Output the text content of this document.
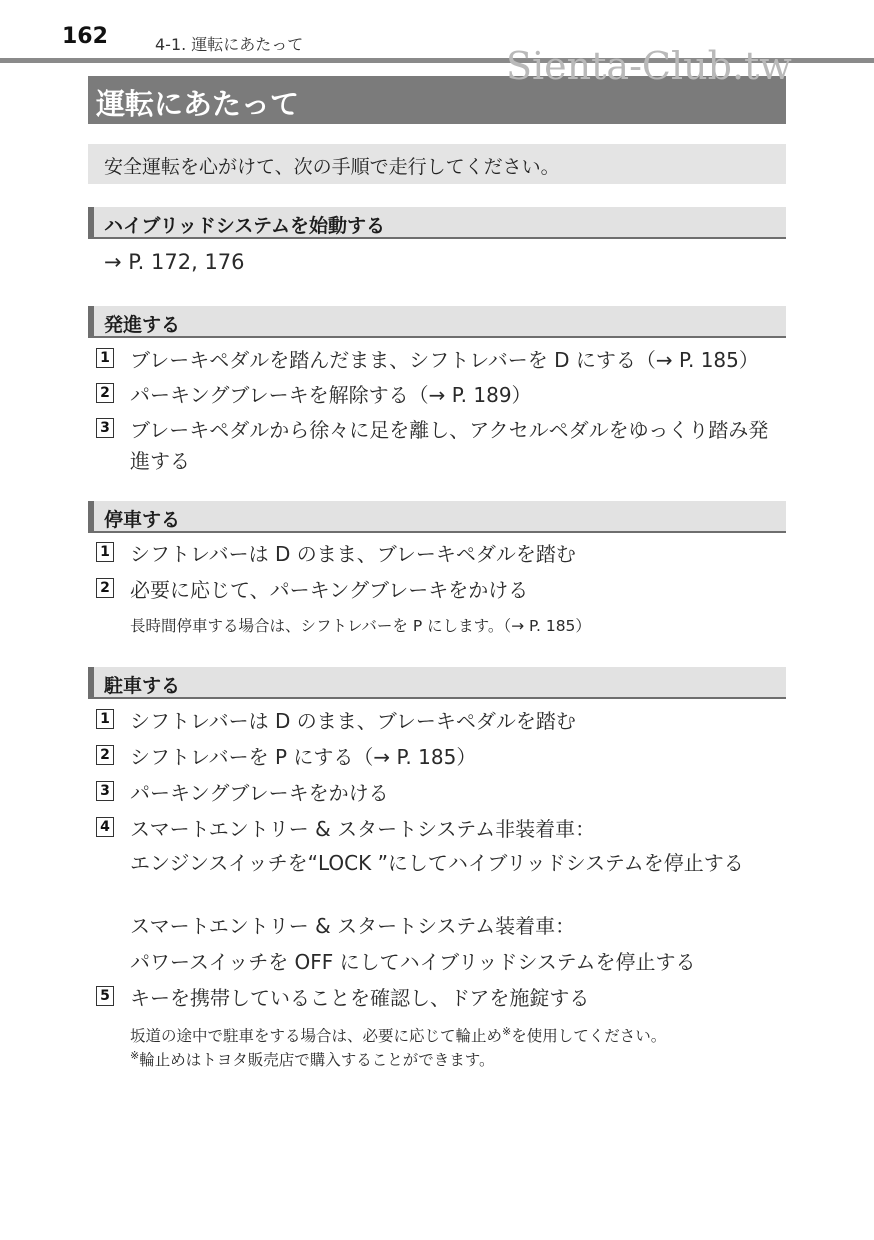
162	4-1. 運転にあたって
運転にあたって
Sienta-Club.tw
安全運転を心がけて、次の手順で走行してください。
ハイブリッドシステムを始動する
→ P. 172, 176
発進する
1 ブレーキペダルを踏んだまま、シフトレバーを D にする（→ P. 185）
2 パーキングブレーキを解除する（→ P. 189）
3 ブレーキペダルから徐々に足を離し、アクセルペダルをゆっくり踏み発進する
停車する
1 シフトレバーは D のまま、ブレーキペダルを踏む
2 必要に応じて、パーキングブレーキをかける
長時間停車する場合は、シフトレバーを P にします。（→ P. 185）
駐車する
1 シフトレバーは D のまま、ブレーキペダルを踏む
2 シフトレバーを P にする（→ P. 185）
3 パーキングブレーキをかける
4 スマートエントリー & スタートシステム非装着車：
エンジンスイッチを“LOCK ”にしてハイブリッドシステムを停止する
スマートエントリー & スタートシステム装着車：
パワースイッチを OFF にしてハイブリッドシステムを停止する
5 キーを携帯していることを確認し、ドアを施錠する
坂道の途中で駐車をする場合は、必要に応じて輪止め※を使用してください。
※輪止めはトヨタ販売店で購入することができます。
